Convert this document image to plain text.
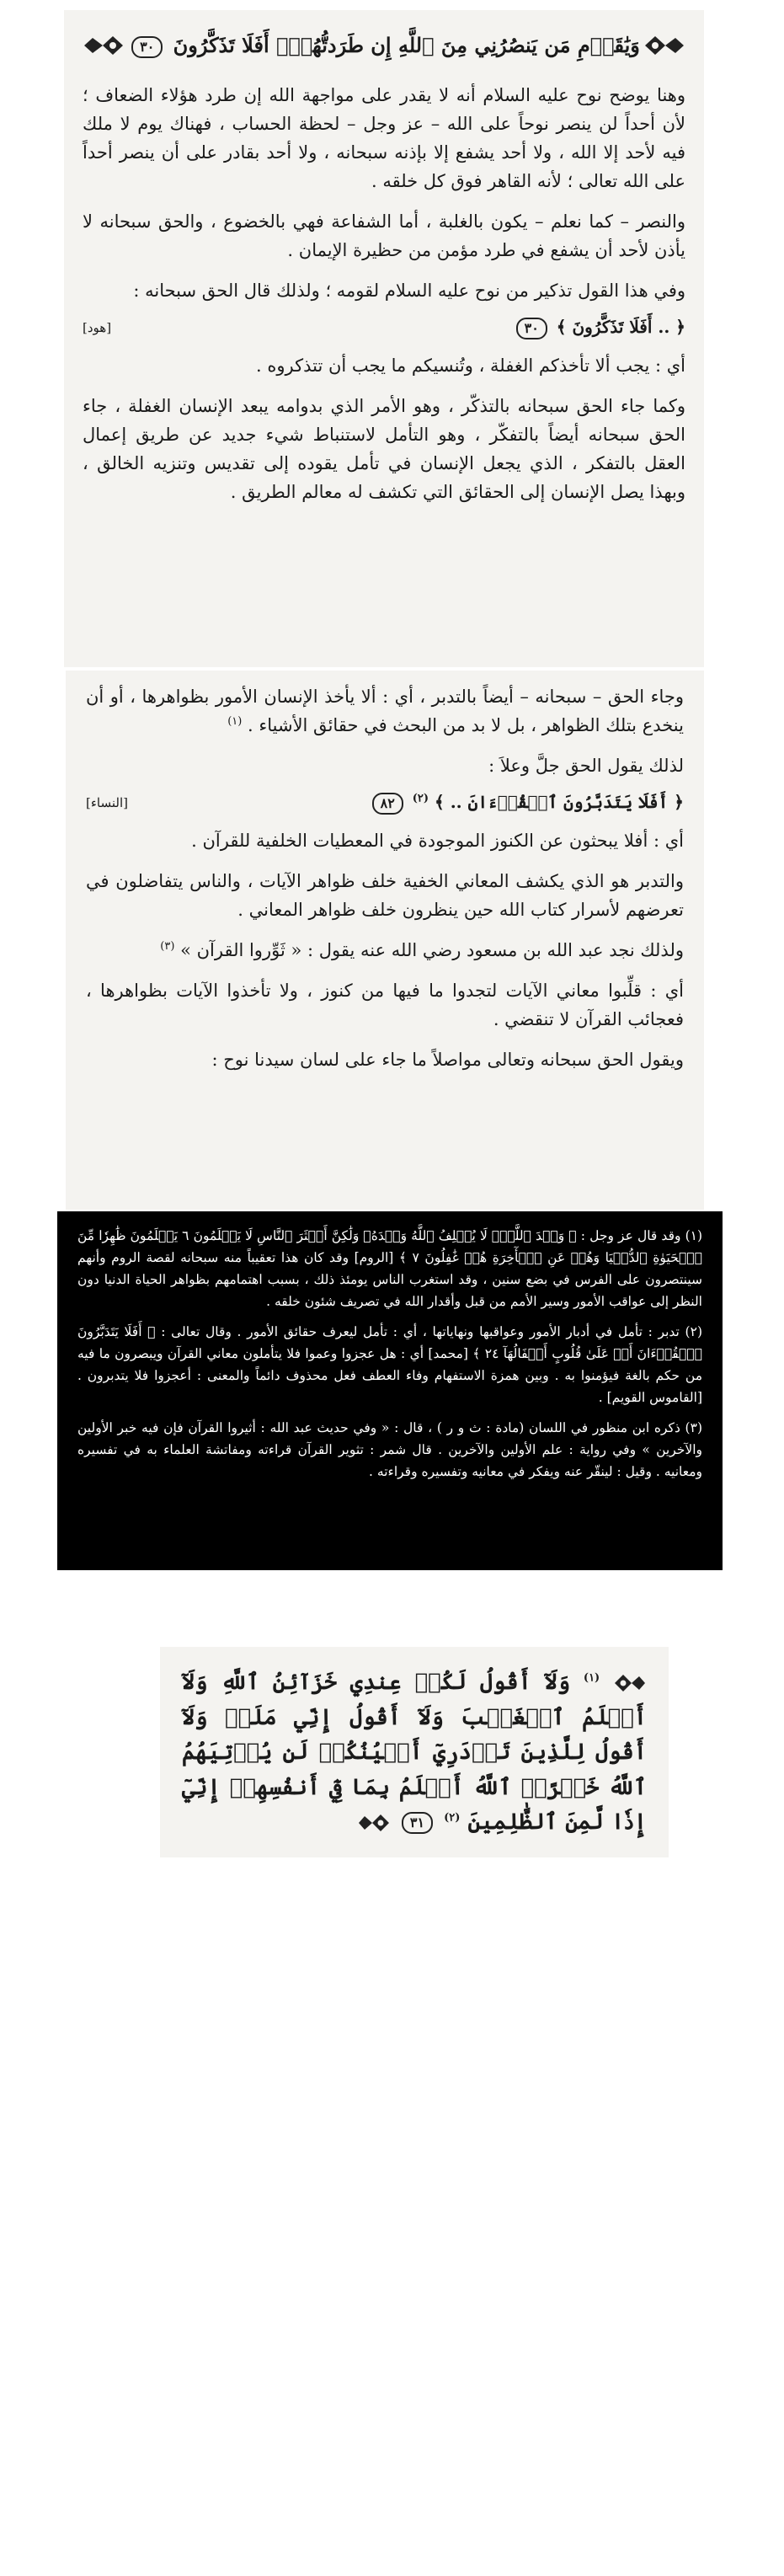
وَيَٰقَوۡمِ مَن يَنصُرُنِي مِنَ ٱللَّهِ إِن طَرَدتُّهُمۡۚ أَفَلَا تَذَكَّرُونَ ٣٠

وهنا يوضح نوح عليه السلام أنه لا يقدر على مواجهة الله إن طرد هؤلاء الضعاف ؛ لأن أحداً لن ينصر نوحاً على الله – عز وجل – لحظة الحساب ، فهناك يوم لا ملك فيه لأحد إلا الله ، ولا أحد يشفع إلا بإذنه سبحانه ، ولا أحد بقادر على أن ينصر أحداً على الله تعالى ؛ لأنه القاهر فوق كل خلقه .

والنصر – كما نعلم – يكون بالغلبة ، أما الشفاعة فهي بالخضوع ، والحق سبحانه لا يأذن لأحد أن يشفع في طرد مؤمن من حظيرة الإيمان .

وفي هذا القول تذكير من نوح عليه السلام لقومه ؛ ولذلك قال الحق سبحانه :

﴿ .. أَفَلَا تَذَكَّرُونَ ﴾ ٣٠
[هود]

أي : يجب ألا تأخذكم الغفلة ، وتُنسيكم ما يجب أن تتذكروه .

وكما جاء الحق سبحانه بالتذكّر ، وهو الأمر الذي بدوامه يبعد الإنسان الغفلة ، جاء الحق سبحانه أيضاً بالتفكّر ، وهو التأمل لاستنباط شيء جديد عن طريق إعمال العقل بالتفكر ، الذي يجعل الإنسان في تأمل يقوده إلى تقديس وتنزيه الخالق ، وبهذا يصل الإنسان إلى الحقائق التي تكشف له معالم الطريق .

وجاء الحق – سبحانه – أيضاً بالتدبر ، أي : ألا يأخذ الإنسان الأمور بظواهرها ، أو أن ينخدع بتلك الظواهر ، بل لا بد من البحث في حقائق الأشياء . $^{(١)}$

لذلك يقول الحق جلَّ وعلاَ :

﴿ أَفَلَا يَتَدَبَّرُونَ ٱلۡقُرۡءَانَ .. ﴾ $^{(٢)}$ ٨٢
[النساء]

أي : أفلا يبحثون عن الكنوز الموجودة في المعطيات الخلفية للقرآن .

والتدبر هو الذي يكشف المعاني الخفية خلف ظواهر الآيات ، والناس يتفاضلون في تعرضهم لأسرار كتاب الله حين ينظرون خلف ظواهر المعاني .

ولذلك نجد عبد الله بن مسعود رضي الله عنه يقول : « ثَوِّروا القرآن » $^{(٣)}$

أي : قلِّبوا معاني الآيات لتجدوا ما فيها من كنوز ، ولا تأخذوا الآيات بظواهرها ، فعجائب القرآن لا تنقضي .

ويقول الحق سبحانه وتعالى مواصلاً ما جاء على لسان سيدنا نوح :

(١) وقد قال عز وجل : ﴿ وَعۡدَ ٱللَّهِۖ لَا يُخۡلِفُ ٱللَّهُ وَعۡدَهُۥ وَلَٰكِنَّ أَكۡثَرَ ٱلنَّاسِ لَا يَعۡلَمُونَ ٦ يَعۡلَمُونَ ظَٰهِرٗا مِّنَ ٱلۡحَيَوٰةِ ٱلدُّنۡيَا وَهُمۡ عَنِ ٱلۡأٓخِرَةِ هُمۡ غَٰفِلُونَ ٧ ﴾ [الروم] وقد كان هذا تعقيباً منه سبحانه لقصة الروم وأنهم سينتصرون على الفرس في بضع سنين ، وقد استغرب الناس يومئذ ذلك ، بسبب اهتمامهم بظواهر الحياة الدنيا دون النظر إلى عواقب الأمور وسير الأمم من قبل وأقدار الله في تصريف شئون خلقه .

(٢) تدبر : تأمل في أدبار الأمور وعواقبها ونهاياتها ، أي : تأمل ليعرف حقائق الأمور . وقال تعالى : ﴿ أَفَلَا يَتَدَبَّرُونَ ٱلۡقُرۡءَانَ أَمۡ عَلَىٰ قُلُوبٍ أَقۡفَالُهَآ ٢٤ ﴾ [محمد] أي : هل عجزوا وعموا فلا يتأملون معاني القرآن ويبصرون ما فيه من حكم بالغة فيؤمنوا به . وبين همزة الاستفهام وفاء العطف فعل محذوف دائماً والمعنى : أعجزوا فلا يتدبرون . [القاموس القويم] .

(٣) ذكره ابن منظور في اللسان (مادة : ث و ر ) ، قال : « وفي حديث عبد الله : أثيروا القرآن فإن فيه خبر الأولين والآخرين » وفي رواية : علم الأولين والآخرين . قال شمر : تثوير القرآن قراءته ومفاتشة العلماء به في تفسيره ومعانيه . وقيل : لينقّر عنه ويفكر في معانيه وتفسيره وقراءته .

$^{(١)}$ وَلَآ أَقُولُ لَكُمۡ عِندِي خَزَآئِنُ ٱللَّهِ وَلَآ أَعۡلَمُ ٱلۡغَيۡبَ وَلَآ أَقُولُ إِنِّي مَلَكٞ وَلَآ أَقُولُ لِلَّذِينَ تَزۡدَرِيٓ أَعۡيُنُكُمۡ لَن يُؤۡتِيَهُمُ ٱللَّهُ خَيۡرًاۖ ٱللَّهُ أَعۡلَمُ بِمَا فِيٓ أَنفُسِهِمۡ إِنِّيٓ إِذٗا لَّمِنَ ٱلظَّٰلِمِينَ $^{(٢)}$ ٣١
